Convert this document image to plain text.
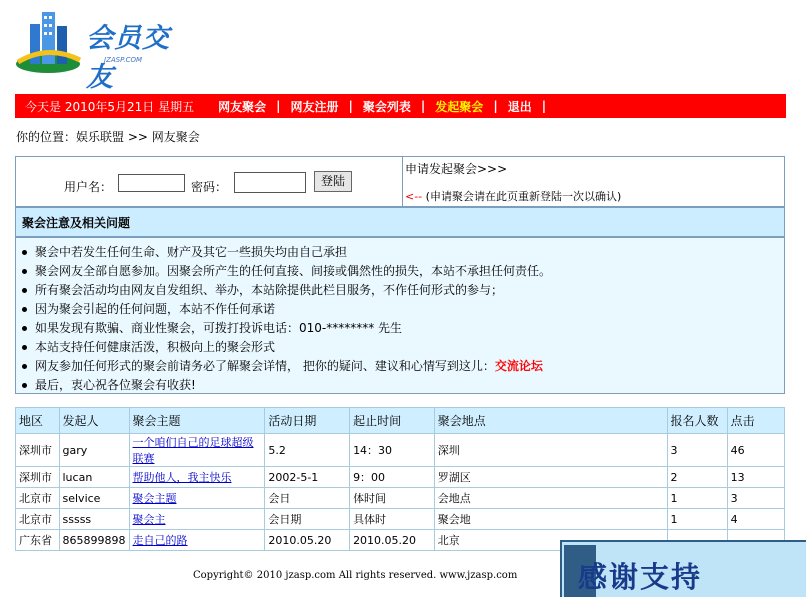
会员交友
JZASP.COM
今天是 2010年5月21日 星期五 网友聚会 | 网友注册 | 聚会列表 | 发起聚会 | 退出 |
你的位置：娱乐联盟 >> 网友聚会
用户名：	密码：	登陆
申请发起聚会>>>
<-- (申请聚会请在此页重新登陆一次以确认)
聚会注意及相关问题
聚会中若发生任何生命、财产及其它一些损失均由自己承担
聚会网友全部自愿参加。因聚会所产生的任何直接、间接或偶然性的损失，本站不承担任何责任。
所有聚会活动均由网友自发组织、举办，本站除提供此栏目服务，不作任何形式的参与；
因为聚会引起的任何问题，本站不作任何承诺
如果发现有欺骗、商业性聚会，可拨打投诉电话：010-******** 先生
本站支持任何健康活泼，积极向上的聚会形式
网友参加任何形式的聚会前请务必了解聚会详情， 把你的疑问、建议和心情写到这儿：交流论坛
最后，衷心祝各位聚会有收获!
地区	发起人	聚会主题	活动日期	起止时间	聚会地点	报名人数	点击
深圳市	gary	一个咱们自己的足球超级联赛	5.2	14：30	深圳	3	46
深圳市	lucan	帮助他人，我主快乐	2002-5-1	9：00	罗湖区	2	13
北京市	selvice	聚会主题	会日	体时间	会地点	1	3
北京市	sssss	聚会主	会日期	具体时	聚会地	1	4
广东省	865899898	走自己的路	2010.05.20	2010.05.20	北京		
Copyright© 2010 jzasp.com All rights reserved. www.jzasp.com 感谢支持
